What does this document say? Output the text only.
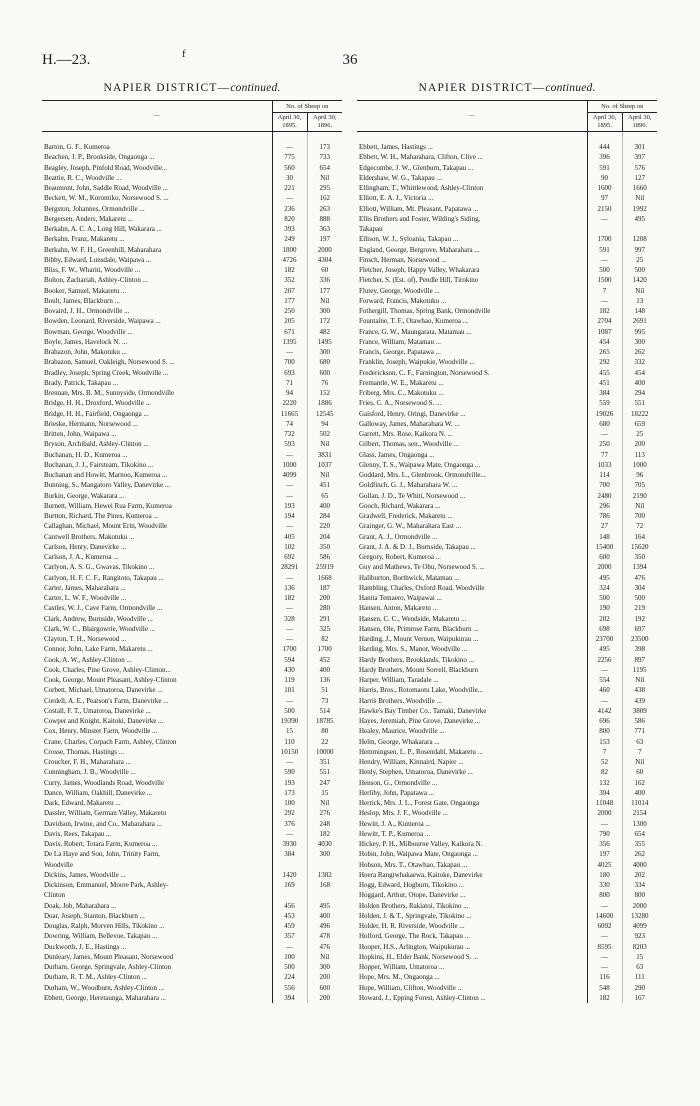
H.—23.	f	36
NAPIER DISTRICT—continued.
—	No. of Sheep on	
	April 30, 1895.	April 30, 1896.
Barton, G. F., Kumeroa	—	173
Beachen, J. P., Brookside, Ongaonga ...	775	733
Beagley, Joseph, Pinfold Road, Woodville...	560	654
Beattie, R. C., Woodville ...	30	Nil
Beaumont, John, Saddle Road, Woodville ...	221	295
Beckett, W. M., Koromiko, Norsewood S. ...	—	162
Bergston, Johannes, Ormondville ...	236	263
Bergersen, Anders, Makaretu ...	820	888
Berkahn, A. C. A., Long Hill, Wakarara ...	393	363
Berkahn, Franz, Makaretu ...	249	197
Berkahn, W. F. H., Greenhill, Maharahara	1800	2000
Bibby, Edward, Lunsdale, Waipawa ...	4726	4304
Bliss, F. W., Whariti, Woodville ...	182	60
Bolton, Zachariah, Ashley-Clinton ...	352	336
Booker, Samuel, Makaretu ...	207	177
Boult, James, Blackburn ...	177	Nil
Bovaird, J. H., Ormondville ...	250	300
Bowden, Leonard, Riverside, Waipawa ...	205	172
Bowman, George, Woodville ...	671	482
Boyle, James, Havelock N. ...	1395	1495
Brabazon, John, Makotuku ...	—	300
Brabazon, Samuel, Oakleigh, Norsewood S. ...	700	680
Bradley, Joseph, Spring Creek, Woodville ...	693	600
Brady, Patrick, Takapau ...	71	76
Brennan, Mrs. B. M., Sunnyside, Ormondville	94	152
Bridge, H. H., Droxford, Woodville ...	2220	1886
Bridge, H. H., Fairfield, Ongaonga ...	11665	12545
Brieske, Hermann, Norsewood ...	74	94
Britten, John, Waipawa ...	732	502
Bryson, Archibald, Ashley-Clinton ...	593	Nil
Buchanan, H. D., Kumeroa ...	—	3831
Buchanan, J. J., Fairsteam, Tikokino ...	1000	1037
Buchanan and Howitt, Marnoo, Kumeroa ...	4099	Nil
Bunning, S., Mangatoro Valley, Danevirke ...	—	451
Burkin, George, Wakarara ...	—	65
Burnett, William, Hewei Rua Farm, Kumeroa	193	400
Burtton, Richard, The Pines, Kumeroa ...	194	284
Callaghan, Michael, Mount Erin, Woodville	—	220
Cantwell Brothers, Makotuku ...	405	204
Carlson, Henry, Danevirke ...	102	350
Carlson, J. A., Kumeroa ...	692	586
Carlyon, A. S. G., Gwavas, Tikokino ...	28291	25919
Carlyon, H. F. C. F., Rangitoto, Takapau ...	—	1668
Carter, James, Maharahara ...	136	187
Carter, L. W. F., Woodville ...	182	200
Castles, W. J., Cave Farm, Ormondville ...	—	280
Clark, Andrew, Burnside, Woodville ...	328	291
Clark, W. C., Blairgowrie, Woodville ...	—	325
Clayton, T. H., Norsewood ...	—	82
Connor, John, Lake Farm, Makaretu ...	1700	1700
Cook, A. W., Ashley-Clinton ...	594	452
Cook, Charles, Pine Grove, Ashley-Clinton...	430	400
Cook, George, Mount Pleasant, Ashley-Clinton	119	136
Corbett, Michael, Umatoroa, Danevirke ...	101	51
Cordell, A. E., Pearson's Farm, Danevirke ...	—	73
Costall, F. T., Umatoroa, Danevirke ...	500	514
Cowper and Knight, Kaitoki, Danevirke ...	19390	18785
Cox, Henry, Minster Farm, Woodville ...	15	80
Crane, Charles, Corpach Farm, Ashley, Clinton	110	22
Crosse, Thomas, Hastings ...	10150	10000
Croucher, F. H., Maharahara ...	—	351
Cunningham, J. B., Woodville ...	590	551
Curry, James, Woodlands Road, Woodville	193	247
Dance, William, Oakhill, Danevirke ...	173	15
Dark, Edward, Makaretu ...	100	Nil
Dassler, William, German Valley, Makaretu	292	276
Davidson, Irwine, and Co., Maharahara ...	376	248
Davis, Rees, Takapau ...	—	182
Davis, Robert, Totara Farm, Kumeroa ...	3930	4030
De La Haye and Son, John, Trinity Farm,	384	300
Woodville		
Dickins, James, Woodville ...	1420	1382
Dickinson, Emmanuel, Moore Park, Ashley-	169	168
Clinton		
Doak, Job, Maharahara ...	456	495
Doar, Joseph, Stanton, Blackburn ...	453	400
Douglas, Ralph, Morven Hills, Tikokino ...	459	496
Dowring, William, Bellevue, Takapau ...	357	478
Duckworth, J. E., Hastings ...	—	476
Dunleary, James, Mount Pleasant, Norsewood	100	Nil
Durham, George, Springvale, Ashley-Clinton	500	300
Durham, R. T. M., Ashley-Clinton ...	224	200
Durham, W., Woodburn, Ashley-Clinton ...	556	600
Ebbett, George, Heretaunga, Maharahara ...	394	200
NAPIER DISTRICT—continued.
—	No. of Sheep on	
	April 30, 1895.	April 30, 1896.
Ebbett, James, Hastings ...	444	301
Ebbett, W. H., Maharahara, Clifton, Clive ...	396	397
Edgecombe, J. W., Glenburn, Takapau ...	591	576
Eldershaw, W. G., Takapau ...	90	127
Ellingham, T., Whittlewood, Ashley-Clinton	1600	1660
Elliott, E. A. J., Victoria ...	97	Nil
Elliott, William, Mt. Pleasant, Papatawa ...	2150	1992
Ellis Brothers and Foster, Wilding's Siding,	—	495
Takapau		
Ellison, W. J., Syloania, Takapau ...	1700	1208
England, George, Bergrove, Maharahara ...	591	997
Finsch, Herman, Norsewood ...	—	25
Fletcher, Joseph, Happy Valley, Whakarara	500	500
Fletcher, S. (Est. of), Pendle Hill, Tirokino	1500	1420
Flutey, George, Woodville ...	7	Nil
Forward, Francis, Makotuku ...	—	13
Fothergill, Thomas, Spring Bank, Ormondville	182	148
Fountaine, T. F., Otawhao, Kumeroa ...	2704	2691
France, G. W., Maungarata, Matamau ...	1087	995
France, William, Matamau ...	454	300
Francis, George, Papatawa ...	265	262
Franklin, Joseph, Waipukie, Woodville ...	292	332
Frederickson, C. F., Farnington, Norsewood S.	455	454
Fremantle, W. E., Makaretu ...	451	400
Friberg, Mrs. C., Makotuku ...	384	294
Fries, C. A., Norsewood S. ...	559	551
Gaisford, Henry, Oringi, Danevirke ...	19026	18222
Galloway, James, Maharahara W. ...	680	659
Garrett, Mrs. Rose, Kaikora N. ...	—	25
Gilbert, Thomas, sen., Woodville ...	250	200
Glass, James, Ongaonga ...	77	113
Glenny, T. S., Waipawa Mate, Ongaonga ...	1033	1000
Goddard, Mrs. L., Glenbrook, Ormondville...	114	96
Goldfinch, G. J., Maharahara W. ...	700	705
Gollan, J. D., Te Whiti, Norsewood ...	2480	2190
Gooch, Richard, Wakarara ...	296	Nil
Gradwell, Frederick, Makaretu ...	786	700
Grainger, G. W., Maharahara East ...	27	72
Grant, A. J., Ormondville ...	148	164
Grant, J. A. & D. J., Burnside, Takapau ...	15400	15620
Gregory, Robert, Kumeroa ...	600	350
Guy and Mathews, Te Ohu, Norsewood S. ...	2000	1394
Haliburton, Borthwick, Matamau ...	495	476
Hambling, Charles, Oxford Road, Woodville	324	304
Hanita Temaero, Waipawai ...	500	500
Hansen, Anton, Makaretu ...	190	219
Hansen, C. C., Wendside, Makaretu ...	202	192
Hansen, Ole, Primrose Farm, Blackburn ...	698	697
Harding, J., Mount Vernon, Waipukurau ...	23700	23500
Harding, Mrs. S., Manor, Woodville ...	495	398
Hardy Brothers, Brooklands, Tikokino ...	2256	897
Hardy Brothers, Mount Sorrell, Blackburn	—	1195
Harper, William, Taradale ...	554	Nil
Harris, Bros., Rotomaotu Lake, Woodville...	460	438
Harris Brothers, Woodville ...	—	439
Hawke's Bay Timber Co., Tamaki, Danevirke	4142	3809
Hayes, Jeremiah, Pine Grove, Danevirke ...	696	586
Healey, Maurice, Woodville ...	800	771
Helm, George, Whakarara ...	153	63
Hemmingsen, L. P., Rosendahl, Makaretu ...	7	7
Hendry, William, Kinnaird, Napier ...	52	Nil
Henly, Stephen, Umatoroa, Danevirke ...	82	60
Henson, G., Ormondville ...	132	162
Herlihy, John, Papatawa ...	394	400
Herrick, Mrs. J. L., Forest Gate, Ongaonga	11048	11014
Heslop, Mrs. J. F., Woodville ...	2000	2154
Hewitt, J. A., Kumeroa ...	—	1300
Hewitt, T. P., Kumeroa ...	790	654
Hickey, P. H., Milbourne Valley, Kaikora N.	356	355
Hobin, John, Waipawa Mate, Ongaonga ...	197	262
Hobson, Mrs. T., Otawhao, Takapau ...	4025	4000
Hoera Rangiwhakaewa, Kaitoke, Danevirke	180	202
Hogg, Edward, Hogburn, Tikokino ...	330	334
Hoggard, Arthur, Otope, Danevirke ...	800	800
Holden Brothers, Rakiatoi, Tikokino ...	—	2000
Holden, J. & T., Springvale, Tikokino ...	14600	13280
Holder, H. R. Riverside, Woodville ...	6092	4099
Holford, George, The Rock, Takapau ...	—	923
Hooper, H.S., Arlington, Waipukurau ...	8595	8203
Hopkins, H., Elder Bank, Norsewood S. ...	—	15
Hopper, William, Umatoroa ...	—	63
Hope, Mrs. M., Ongaonga ...	116	111
Hope, William, Clifton, Woodville ...	548	290
Howard, J., Epping Forest, Ashley-Clinton ...	182	167
